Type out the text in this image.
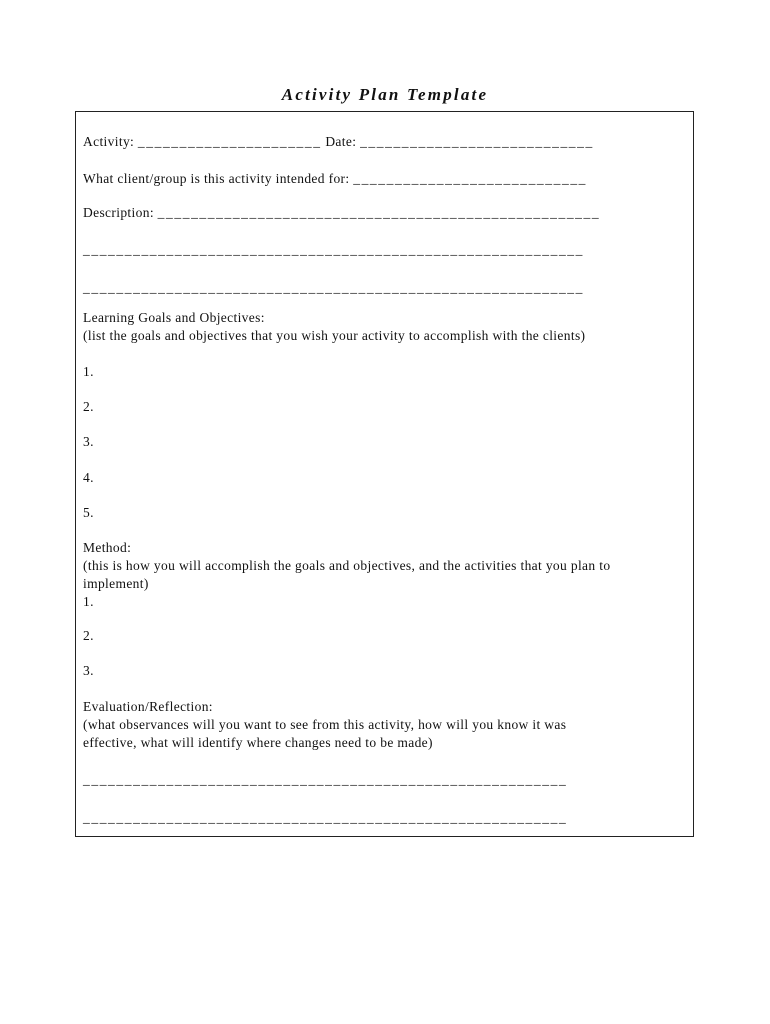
Activity Plan Template

Activity: ______________________ Date: ____________________________

What client/group is this activity intended for: ____________________________

Description: _____________________________________________________

____________________________________________________________

____________________________________________________________

Learning Goals and Objectives:

(list the goals and objectives that you wish your activity to accomplish with the clients)

1.

2.

3.

4.

5.

Method:

(this is how you will accomplish the goals and objectives, and the activities that you plan to

implement)

1.

2.

3.

Evaluation/Reflection:

(what observances will you want to see from this activity, how will you know it was

effective, what will identify where changes need to be made)

__________________________________________________________

__________________________________________________________
